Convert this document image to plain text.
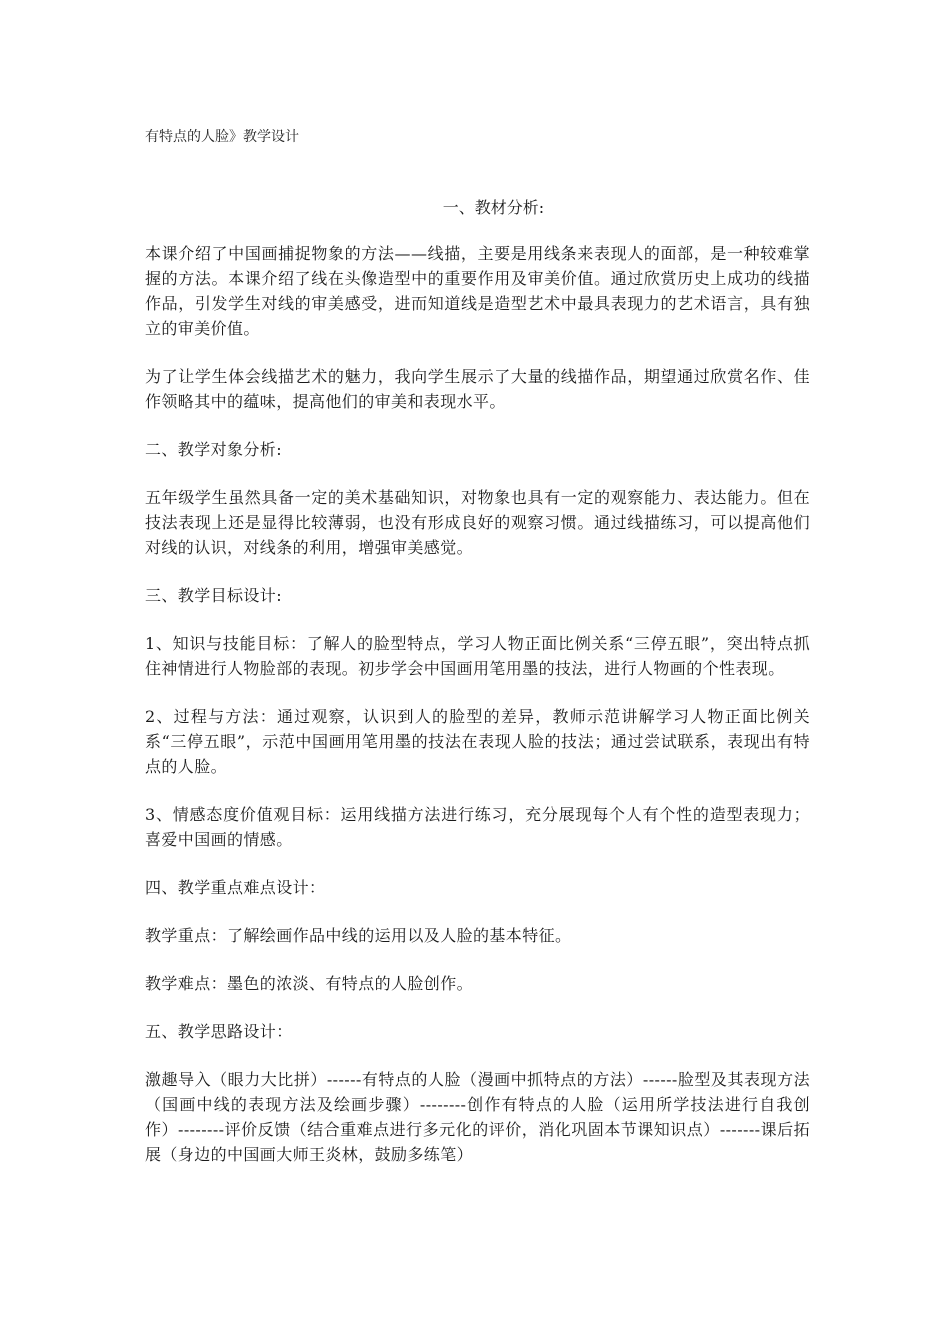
有特点的人脸》教学设计
一、教材分析:

本课介绍了中国画捕捉物象的方法——线描，主要是用线条来表现人的面部，是一种较难掌握的方法。本课介绍了线在头像造型中的重要作用及审美价值。通过欣赏历史上成功的线描作品，引发学生对线的审美感受，进而知道线是造型艺术中最具表现力的艺术语言，具有独立的审美价值。

为了让学生体会线描艺术的魅力，我向学生展示了大量的线描作品，期望通过欣赏名作、佳作领略其中的蕴味，提高他们的审美和表现水平。

二、教学对象分析:

五年级学生虽然具备一定的美术基础知识，对物象也具有一定的观察能力、表达能力。但在技法表现上还是显得比较薄弱，也没有形成良好的观察习惯。通过线描练习，可以提高他们对线的认识，对线条的利用，增强审美感觉。

三、教学目标设计:

1、知识与技能目标：了解人的脸型特点，学习人物正面比例关系“三停五眼”，突出特点抓住神情进行人物脸部的表现。初步学会中国画用笔用墨的技法，进行人物画的个性表现。

2、过程与方法：通过观察，认识到人的脸型的差异，教师示范讲解学习人物正面比例关系“三停五眼”，示范中国画用笔用墨的技法在表现人脸的技法；通过尝试联系，表现出有特点的人脸。

3、情感态度价值观目标：运用线描方法进行练习，充分展现每个人有个性的造型表现力；喜爱中国画的情感。

四、教学重点难点设计：

教学重点：了解绘画作品中线的运用以及人脸的基本特征。

教学难点：墨色的浓淡、有特点的人脸创作。

五、教学思路设计：

激趣导入（眼力大比拼）------有特点的人脸（漫画中抓特点的方法）------脸型及其表现方法（国画中线的表现方法及绘画步骤）--------创作有特点的人脸（运用所学技法进行自我创作）--------评价反馈（结合重难点进行多元化的评价，消化巩固本节课知识点）-------课后拓展（身边的中国画大师王炎林，鼓励多练笔）
